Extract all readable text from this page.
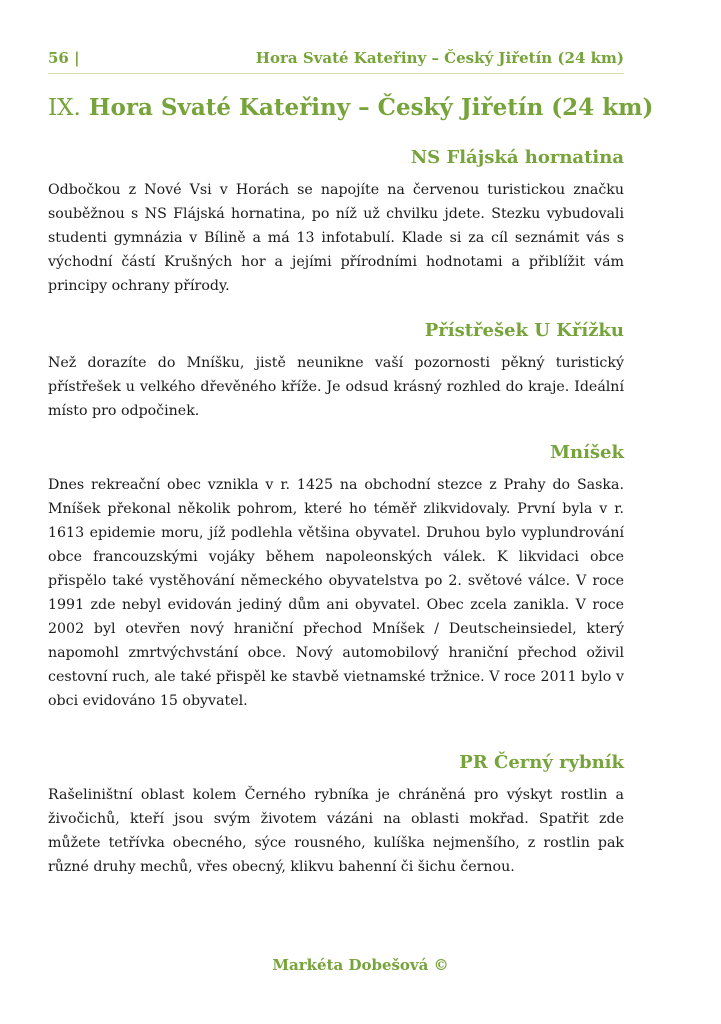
56 |	Hora Svaté Kateřiny – Český Jiřetín (24 km)
IX. Hora Svaté Kateřiny – Český Jiřetín (24 km)
NS Flájská hornatina

Odbočkou z Nové Vsi v Horách se napojíte na červenou turistickou značku souběžnou s NS Flájská hornatina, po níž už chvilku jdete. Stezku vybudovali studenti gymnázia v Bílině a má 13 infotabulí. Klade si za cíl seznámit vás s východní částí Krušných hor a jejími přírodními hodnotami a přiblížit vám principy ochrany přírody.

Přístřešek U Křížku

Než dorazíte do Mníšku, jistě neunikne vaší pozornosti pěkný turistický přístřešek u velkého dřevěného kříže. Je odsud krásný rozhled do kraje. Ideální místo pro odpočinek.

Mníšek

Dnes rekreační obec vznikla v r. 1425 na obchodní stezce z Prahy do Saska. Mníšek překonal několik pohrom, které ho téměř zlikvidovaly. První byla v r. 1613 epidemie moru, jíž podlehla většina obyvatel. Druhou bylo vyplundrování obce francouzskými vojáky během napoleonských válek. K likvidaci obce přispělo také vystěhování německého obyvatelstva po 2. světové válce. V roce 1991 zde nebyl evidován jediný dům ani obyvatel. Obec zcela zanikla. V roce 2002 byl otevřen nový hraniční přechod Mníšek / Deutscheinsiedel, který napomohl zmrtvýchvstání obce. Nový automobilový hraniční přechod oživil cestovní ruch, ale také přispěl ke stavbě vietnamské tržnice. V roce 2011 bylo v obci evidováno 15 obyvatel.

PR Černý rybník

Rašeliništní oblast kolem Černého rybníka je chráněná pro výskyt rostlin a živočichů, kteří jsou svým životem vázáni na oblasti mokřad. Spatřit zde můžete tetřívka obecného, sýce rousného, kulíška nejmenšího, z rostlin pak různé druhy mechů, vřes obecný, klikvu bahenní či šichu černou.

Markéta Dobešová ©
